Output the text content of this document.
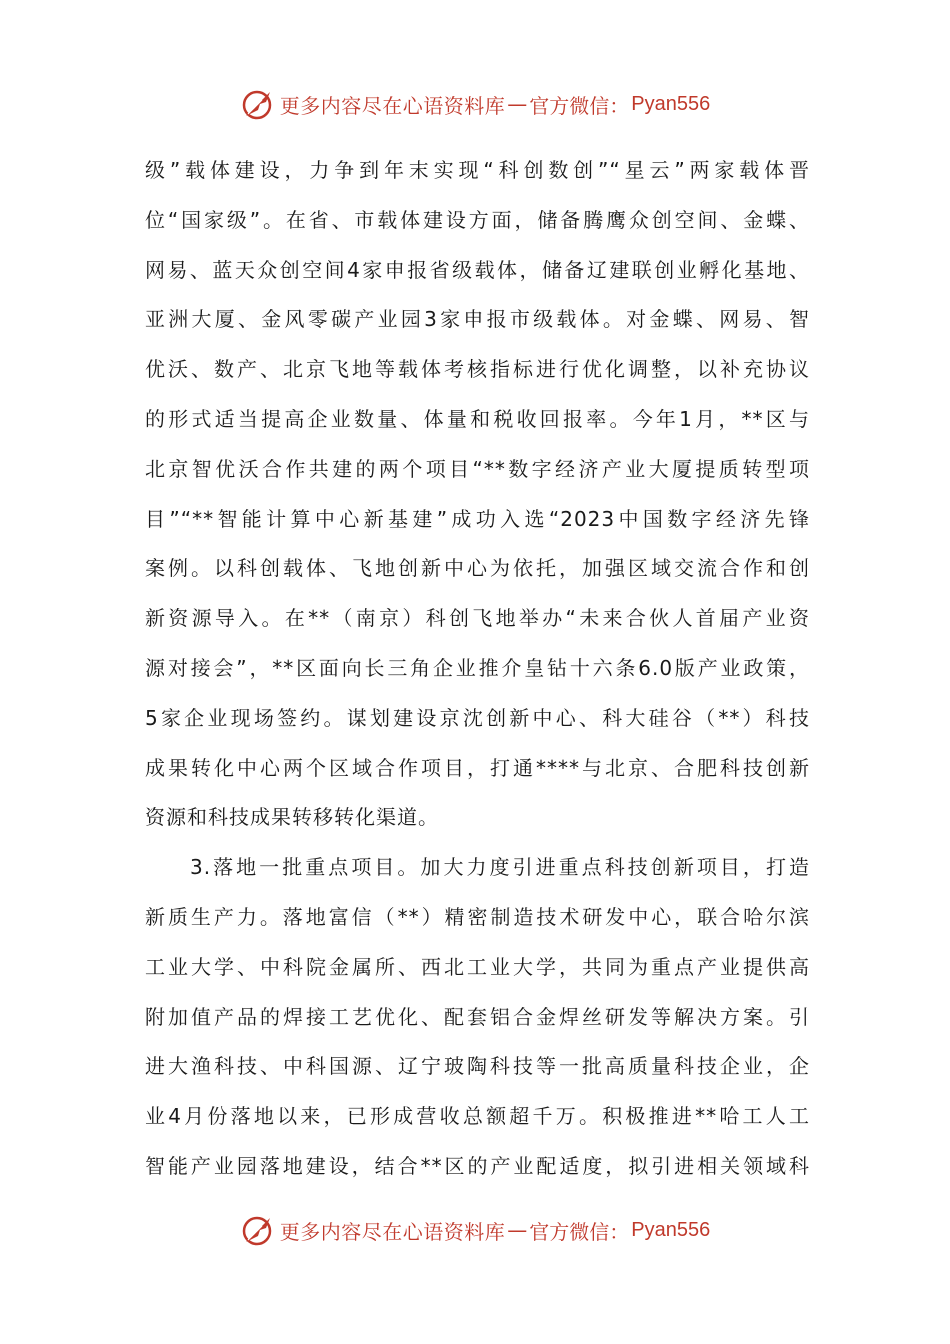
更多内容尽在心语资料库 — 官方微信： Pyan556
级”载体建设，力争到年末实现“科创数创”“星云”两家载体晋
位“国家级”。在省、市载体建设方面，储备腾鹰众创空间、金蝶、
网易、蓝天众创空间4家申报省级载体，储备辽建联创业孵化基地、
亚洲大厦、金风零碳产业园3家申报市级载体。对金蝶、网易、智
优沃、数产、北京飞地等载体考核指标进行优化调整，以补充协议
的形式适当提高企业数量、体量和税收回报率。今年1月，**区与
北京智优沃合作共建的两个项目“**数字经济产业大厦提质转型项
目”“**智能计算中心新基建”成功入选“2023中国数字经济先锋
案例。以科创载体、飞地创新中心为依托，加强区域交流合作和创
新资源导入。在**（南京）科创飞地举办“未来合伙人首届产业资
源对接会”，**区面向长三角企业推介皇钻十六条6.0版产业政策，
5家企业现场签约。谋划建设京沈创新中心、科大硅谷（**）科技
成果转化中心两个区域合作项目，打通****与北京、合肥科技创新
资源和科技成果转移转化渠道。
3.落地一批重点项目。加大力度引进重点科技创新项目，打造
新质生产力。落地富信（**）精密制造技术研发中心，联合哈尔滨
工业大学、中科院金属所、西北工业大学，共同为重点产业提供高
附加值产品的焊接工艺优化、配套铝合金焊丝研发等解决方案。引
进大渔科技、中科国源、辽宁玻陶科技等一批高质量科技企业，企
业4月份落地以来，已形成营收总额超千万。积极推进**哈工人工
智能产业园落地建设，结合**区的产业配适度，拟引进相关领域科
更多内容尽在心语资料库 — 官方微信： Pyan556
